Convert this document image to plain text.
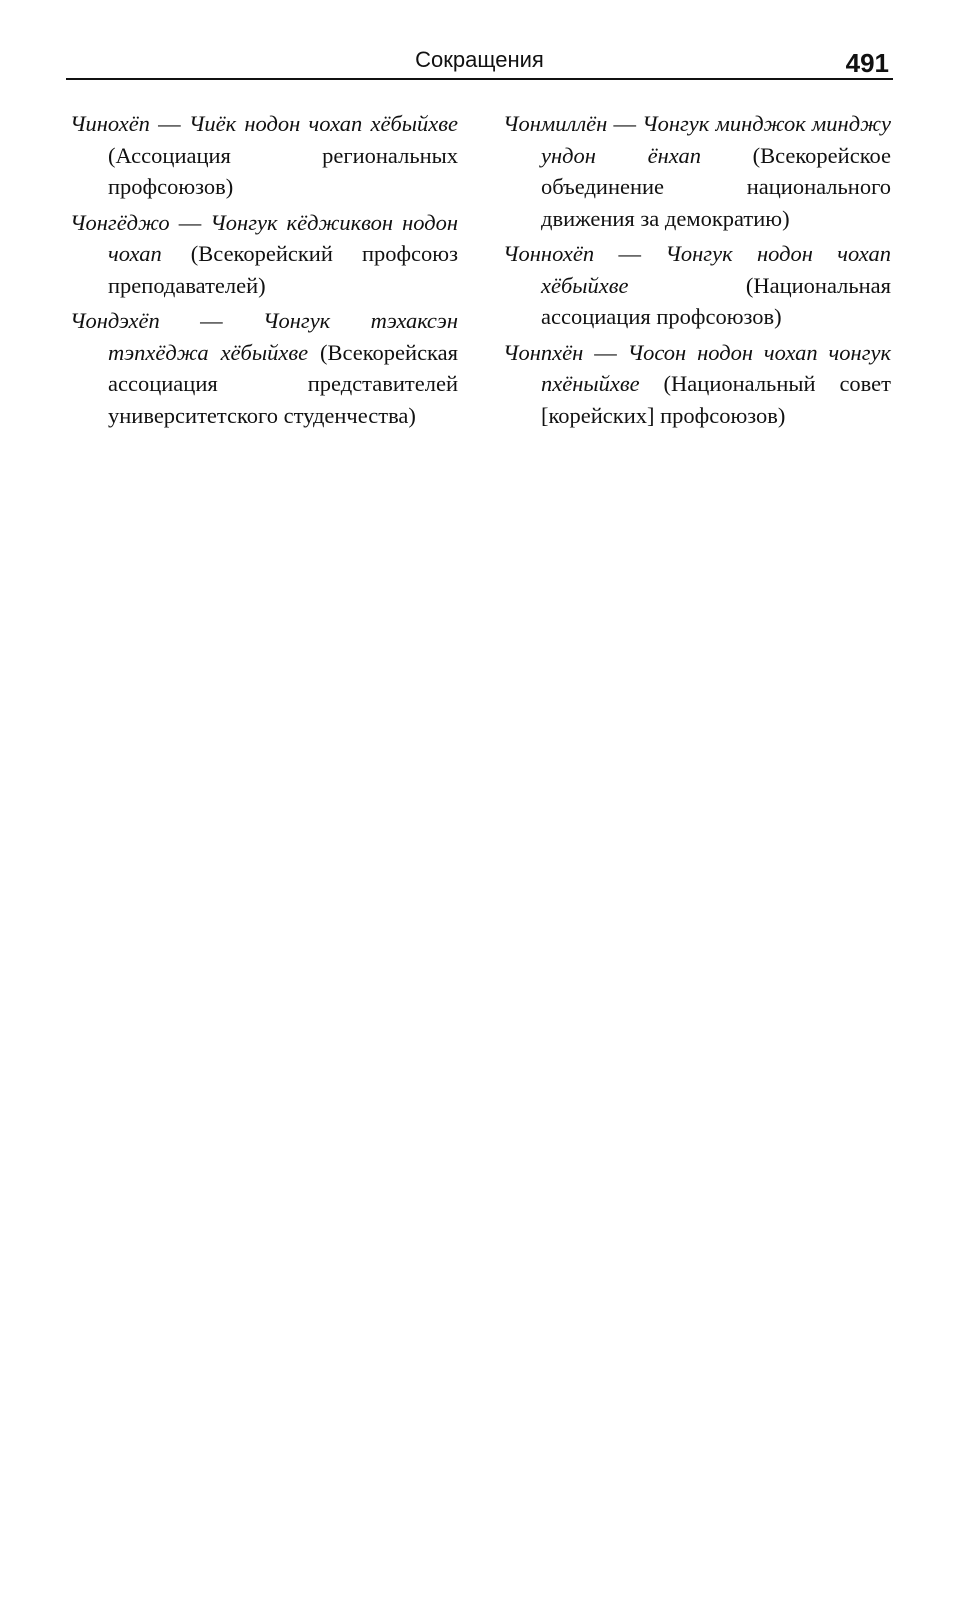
Сокращения	491

Чинохёп — Чиёк нодон чохап хёбыйхве (Ассоциация региональных профсоюзов)

Чонгёджо — Чонгук кёджиквон нодон чохап (Всекорейский профсоюз преподавателей)

Чондэхёп — Чонгук тэхаксэн тэпхёджа хёбыйхве (Всекорейская ассоциация представителей университетского студенчества)

Чонмиллён — Чонгук минджок минджу ундон ёнхап (Всекорейское объединение национального движения за демократию)

Чоннохёп — Чонгук нодон чохап хёбыйхве (Национальная ассоциация профсоюзов)

Чонпхён — Чосон нодон чохап чонгук пхёныйхве (Национальный совет [корейских] профсоюзов)
